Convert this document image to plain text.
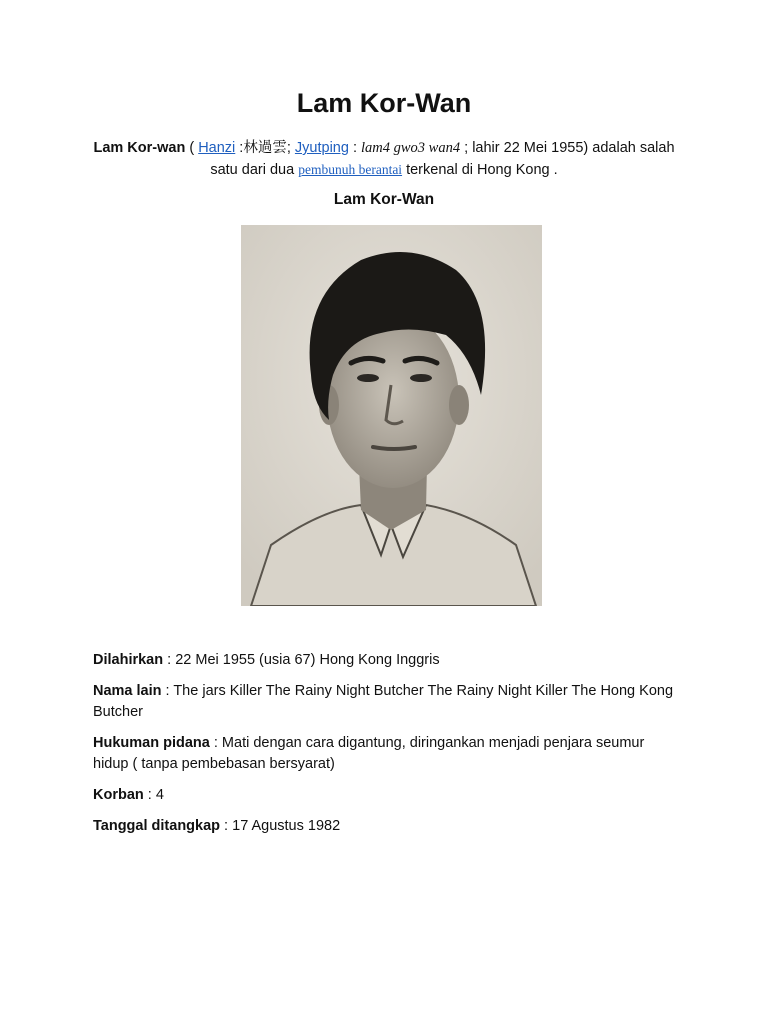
Lam Kor-Wan

Lam Kor-wan ( Hanzi :林過雲; Jyutping : lam4 gwo3 wan4 ; lahir 22 Mei 1955) adalah salah satu dari dua pembunuh berantai terkenal di Hong Kong .

Lam Kor-Wan

Dilahirkan : 22 Mei 1955 (usia 67) Hong Kong Inggris

Nama lain : The jars Killer The Rainy Night Butcher The Rainy Night Killer The Hong Kong Butcher

Hukuman pidana : Mati dengan cara digantung, diringankan menjadi penjara seumur hidup ( tanpa pembebasan bersyarat)

Korban : 4

Tanggal ditangkap : 17 Agustus 1982
